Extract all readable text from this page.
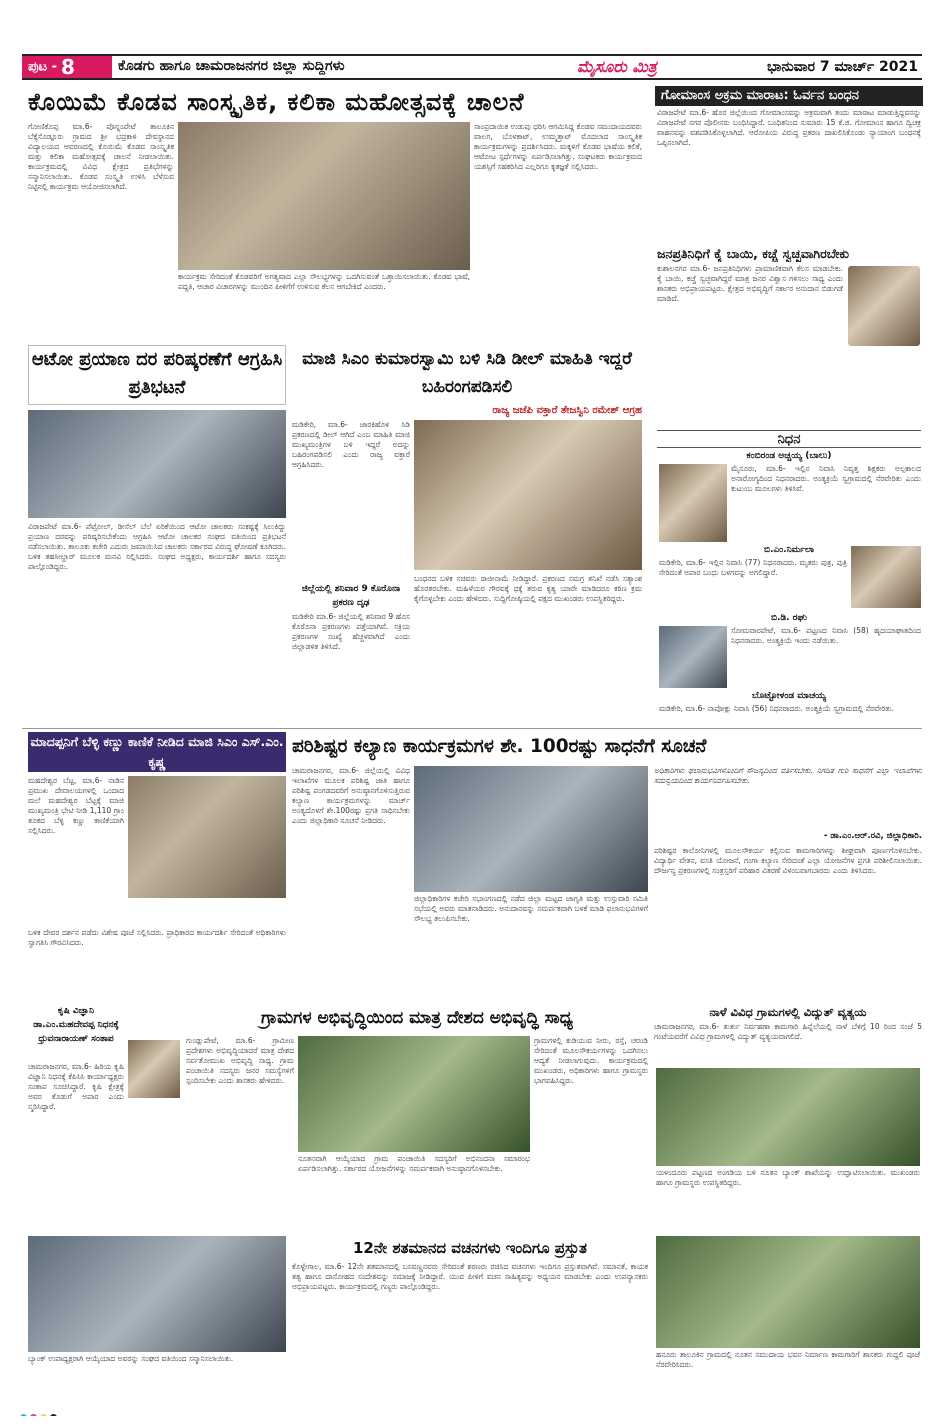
ಪುಟ - 8	ಕೊಡಗು ಹಾಗೂ ಚಾಮರಾಜನಗರ ಜಿಲ್ಲಾ ಸುದ್ದಿಗಳು	ಮೈಸೂರು ಮಿತ್ರ	ಭಾನುವಾರ 7 ಮಾರ್ಚ್ 2021
ಕೊಯಿಮೆ ಕೊಡವ ಸಾಂಸ್ಕೃತಿಕ, ಕಲಿಕಾ ಮಹೋತ್ಸವಕ್ಕೆ ಚಾಲನೆ
ಗೋಣಿಕೊಪ್ಪ ಮಾ.6- ಪೊನ್ನಂಪೇಟೆ ತಾಲೂಕಿನ ಬೆಕ್ಕೆಸೊಡ್ಲೂರು ಗ್ರಾಮದ ಶ್ರೀ ಭದ್ರಕಾಳಿ ದೇವಸ್ಥಾನದ ವಿದ್ಯಾಲಯದ ಆವರಣದಲ್ಲಿ ಕೊಯಿಮೆ ಕೊಡವ ಸಾಂಸ್ಕೃತಿಕ ಮತ್ತು ಕಲಿಕಾ ಮಹೋತ್ಸವಕ್ಕೆ ಚಾಲನೆ ನೀಡಲಾಯಿತು. ಕಾರ್ಯಕ್ರಮದಲ್ಲಿ ವಿವಿಧ ಕ್ಷೇತ್ರದ ಪ್ರತಿಭೆಗಳನ್ನು ಸನ್ಮಾನಿಸಲಾಯಿತು. ಕೊಡವ ಸಂಸ್ಕೃತಿ ಉಳಿಸಿ ಬೆಳೆಸುವ ನಿಟ್ಟಿನಲ್ಲಿ ಕಾರ್ಯಕ್ರಮ ಆಯೋಜಿಸಲಾಗಿದೆ.
ಕಾರ್ಯಕ್ರಮ ಸೇರಿದಂತೆ ಕೊಡವರಿಗೆ ಅಗತ್ಯವಾದ ಎಲ್ಲಾ ಸೌಲಭ್ಯಗಳನ್ನು ಒದಗಿಸುವಂತೆ ಒತ್ತಾಯಿಸಲಾಯಿತು. ಕೊಡವ ಭಾಷೆ, ಪದ್ದತಿ, ಆಚಾರ ವಿಚಾರಗಳನ್ನು ಮುಂದಿನ ಪೀಳಿಗೆಗೆ ಉಳಿಸುವ ಕೆಲಸ ಆಗಬೇಕಿದೆ ಎಂದರು.
ಸಾಂಪ್ರದಾಯಿಕ ಉಡುಪು ಧರಿಸಿ ಆಗಮಿಸಿದ್ದ ಕೊಡವ ಸಮುದಾಯದವರು ವಾಲಗ, ಬೊಳಕಾಟ್, ಉಮ್ಮತ್ತಾಟ್ ಮೊದಲಾದ ಸಾಂಸ್ಕೃತಿಕ ಕಾರ್ಯಕ್ರಮಗಳನ್ನು ಪ್ರದರ್ಶಿಸಿದರು. ಮಕ್ಕಳಿಗೆ ಕೊಡವ ಭಾಷೆಯ ಕಲಿಕೆ, ಆಟೋಟ ಸ್ಪರ್ಧೆಗಳನ್ನು ಏರ್ಪಡಿಸಲಾಗಿತ್ತು. ಸಂಘಟಕರು ಕಾರ್ಯಕ್ರಮದ ಯಶಸ್ಸಿಗೆ ಸಹಕರಿಸಿದ ಎಲ್ಲರಿಗೂ ಕೃತಜ್ಞತೆ ಸಲ್ಲಿಸಿದರು.
ಗೋಮಾಂಸ ಅಕ್ರಮ ಮಾರಾಟ: ಓರ್ವನ ಬಂಧನ
ವಿರಾಜಪೇಟೆ ಮಾ.6- ಹೊರ ಜಿಲ್ಲೆಯಿಂದ ಗೋಮಾಂಸವನ್ನು ಅಕ್ರಮವಾಗಿ ತಂದು ಮಾರಾಟ ಮಾಡುತ್ತಿದ್ದವನನ್ನು ವಿರಾಜಪೇಟೆ ನಗರ ಪೊಲೀಸರು ಬಂಧಿಸಿದ್ದಾರೆ. ಬಂಧಿತನಿಂದ ಸುಮಾರು 15 ಕೆ.ಜಿ. ಗೋಮಾಂಸ ಹಾಗೂ ದ್ವಿಚಕ್ರ ವಾಹನವನ್ನು ವಶಪಡಿಸಿಕೊಳ್ಳಲಾಗಿದೆ. ಆರೋಪಿಯ ವಿರುದ್ಧ ಪ್ರಕರಣ ದಾಖಲಿಸಿಕೊಂಡು ನ್ಯಾಯಾಂಗ ಬಂಧನಕ್ಕೆ ಒಪ್ಪಿಸಲಾಗಿದೆ.
ಜನಪ್ರತಿನಿಧಿಗೆ ಕೈ ಬಾಯಿ, ಕಚ್ಚೆ ಸ್ವಚ್ಛವಾಗಿರಬೇಕು
ಕುಶಾಲನಗರ ಮಾ.6- ಜನಪ್ರತಿನಿಧಿಗಳು ಪ್ರಾಮಾಣಿಕವಾಗಿ ಕೆಲಸ ಮಾಡಬೇಕು. ಕೈ ಬಾಯಿ, ಕಚ್ಚೆ ಸ್ವಚ್ಛವಾಗಿದ್ದರೆ ಮಾತ್ರ ಜನರ ವಿಶ್ವಾಸ ಗಳಿಸಲು ಸಾಧ್ಯ ಎಂದು ಶಾಸಕರು ಅಭಿಪ್ರಾಯಪಟ್ಟರು. ಕ್ಷೇತ್ರದ ಅಭಿವೃದ್ಧಿಗೆ ಸರ್ಕಾರ ಅನುದಾನ ಬಿಡುಗಡೆ ಮಾಡಿದೆ.
ಆಟೋ ಪ್ರಯಾಣ ದರ ಪರಿಷ್ಕರಣೆಗೆ ಆಗ್ರಹಿಸಿ ಪ್ರತಿಭಟನೆ
ವಿರಾಜಪೇಟೆ ಮಾ.6- ಪೆಟ್ರೋಲ್, ಡೀಸೆಲ್ ಬೆಲೆ ಏರಿಕೆಯಿಂದ ಆಟೋ ಚಾಲಕರು ಸಂಕಷ್ಟಕ್ಕೆ ಸಿಲುಕಿದ್ದು ಪ್ರಯಾಣ ದರವನ್ನು ಪರಿಷ್ಕರಿಸಬೇಕೆಂದು ಆಗ್ರಹಿಸಿ ಆಟೋ ಚಾಲಕರ ಸಂಘದ ವತಿಯಿಂದ ಪ್ರತಿಭಟನೆ ನಡೆಸಲಾಯಿತು. ತಾಲೂಕು ಕಚೇರಿ ಎದುರು ಜಮಾಯಿಸಿದ ಚಾಲಕರು ಸರ್ಕಾರದ ವಿರುದ್ಧ ಘೋಷಣೆ ಕೂಗಿದರು. ಬಳಿಕ ತಹಸೀಲ್ದಾರ್ ಮೂಲಕ ಮನವಿ ಸಲ್ಲಿಸಿದರು. ಸಂಘದ ಅಧ್ಯಕ್ಷರು, ಕಾರ್ಯದರ್ಶಿ ಹಾಗೂ ಸದಸ್ಯರು ಪಾಲ್ಗೊಂಡಿದ್ದರು.
ಮಾಜಿ ಸಿಎಂ ಕುಮಾರಸ್ವಾಮಿ ಬಳಿ ಸಿಡಿ ಡೀಲ್ ಮಾಹಿತಿ ಇದ್ದರೆ ಬಹಿರಂಗಪಡಿಸಲಿ
ರಾಜ್ಯ ಜಜೆಪಿ ವಕ್ತಾರೆ ತೇಜಸ್ವಿನಿ ರಮೇಶ್ ಆಗ್ರಹ
ಮಡಿಕೇರಿ, ಮಾ.6- ಜಾರಕಿಹೊಳಿ ಸಿಡಿ ಪ್ರಕರಣದಲ್ಲಿ ಡೀಲ್ ಆಗಿದೆ ಎಂಬ ಮಾಹಿತಿ ಮಾಜಿ ಮುಖ್ಯಮಂತ್ರಿಗಳ ಬಳಿ ಇದ್ದರೆ ಅದನ್ನು ಬಹಿರಂಗಪಡಿಸಲಿ ಎಂದು ರಾಜ್ಯ ವಕ್ತಾರೆ ಆಗ್ರಹಿಸಿದರು.
ಜಿಲ್ಲೆಯಲ್ಲಿ ಶನಿವಾರ 9 ಕೊರೊನಾ ಪ್ರಕರಣ ದೃಢ
ಮಡಿಕೇರಿ ಮಾ.6- ಜಿಲ್ಲೆಯಲ್ಲಿ ಶನಿವಾರ 9 ಹೊಸ ಕೊರೊನಾ ಪ್ರಕರಣಗಳು ಪತ್ತೆಯಾಗಿವೆ. ಸಕ್ರಿಯ ಪ್ರಕರಣಗಳ ಸಂಖ್ಯೆ ಹೆಚ್ಚಳವಾಗಿದೆ ಎಂದು ಜಿಲ್ಲಾಡಳಿತ ತಿಳಿಸಿದೆ.
ಬಂಧನದ ಬಳಿಕ ಸಚಿವರು ರಾಜೀನಾಮೆ ನೀಡಿದ್ದಾರೆ. ಪ್ರಕರಣದ ಸಮಗ್ರ ತನಿಖೆ ನಡೆಸಿ ಸತ್ಯಾಂಶ ಹೊರತರಬೇಕು. ಮಹಿಳೆಯರ ಗೌರವಕ್ಕೆ ಧಕ್ಕೆ ತರುವ ಕೃತ್ಯ ಯಾರೇ ಮಾಡಿದರೂ ಕಠಿಣ ಕ್ರಮ ಕೈಗೊಳ್ಳಬೇಕು ಎಂದು ಹೇಳಿದರು. ಸುದ್ದಿಗೋಷ್ಠಿಯಲ್ಲಿ ಪಕ್ಷದ ಮುಖಂಡರು ಉಪಸ್ಥಿತರಿದ್ದರು.
ನಿಧನ
ಕಂಬಿರಂಡ ಅಚ್ಚಯ್ಯ (ಬಾಲು)
ಮೈಸೂರು, ಮಾ.6- ಇಲ್ಲಿನ ನಿವಾಸಿ ನಿವೃತ್ತ ಶಿಕ್ಷಕರು ಅಲ್ಪಕಾಲದ ಅನಾರೋಗ್ಯದಿಂದ ನಿಧನರಾದರು. ಅಂತ್ಯಕ್ರಿಯೆ ಸ್ವಗ್ರಾಮದಲ್ಲಿ ನೆರವೇರಿತು ಎಂದು ಕುಟುಂಬ ಮೂಲಗಳು ತಿಳಿಸಿವೆ.
ಬಿ.ಎಂ.ನಿರ್ಮಲಾ
ಮಡಿಕೇರಿ, ಮಾ.6- ಇಲ್ಲಿನ ನಿವಾಸಿ (77) ನಿಧನರಾದರು. ಮೃತರು ಪುತ್ರ, ಪುತ್ರಿ ಸೇರಿದಂತೆ ಅಪಾರ ಬಂಧು ಬಳಗವನ್ನು ಅಗಲಿದ್ದಾರೆ.
ಬಿ.ಡಿ. ರಘು
ಸೋಮವಾರಪೇಟೆ, ಮಾ.6- ಪಟ್ಟಣದ ನಿವಾಸಿ (58) ಹೃದಯಾಘಾತದಿಂದ ನಿಧನರಾದರು. ಅಂತ್ಯಕ್ರಿಯೆ ಇಂದು ನಡೆಯಿತು.
ಬೊಟ್ಟೋಳಂಡ ಮಾಚಯ್ಯ
ಮಡಿಕೇರಿ, ಮಾ.6- ನಾಪೋಕ್ಲು ನಿವಾಸಿ (56) ನಿಧನರಾದರು. ಅಂತ್ಯಕ್ರಿಯೆ ಸ್ವಗ್ರಾಮದಲ್ಲಿ ನೆರವೇರಿತು.
ಮಾದಪ್ಪನಿಗೆ ಬೆಳ್ಳಿ ಕಣ್ಣು ಕಾಣಿಕೆ ನೀಡಿದ ಮಾಜಿ ಸಿಎಂ ಎಸ್.ಎಂ. ಕೃಷ್ಣ
ಮಹದೇಶ್ವರ ಬೆಟ್ಟ, ಮಾ.6- ನಾಡಿನ ಪ್ರಮುಖ ದೇವಾಲಯಗಳಲ್ಲಿ ಒಂದಾದ ಮಲೆ ಮಹದೇಶ್ವರ ಬೆಟ್ಟಕ್ಕೆ ಮಾಜಿ ಮುಖ್ಯಮಂತ್ರಿ ಭೇಟಿ ನೀಡಿ 1,110 ಗ್ರಾಂ ತೂಕದ ಬೆಳ್ಳಿ ಕಣ್ಣು ಕಾಣಿಕೆಯಾಗಿ ಸಲ್ಲಿಸಿದರು.
ಬಳಿಕ ದೇವರ ದರ್ಶನ ಪಡೆದು ವಿಶೇಷ ಪೂಜೆ ಸಲ್ಲಿಸಿದರು. ಪ್ರಾಧಿಕಾರದ ಕಾರ್ಯದರ್ಶಿ ಸೇರಿದಂತೆ ಅಧಿಕಾರಿಗಳು ಸ್ವಾಗತಿಸಿ ಗೌರವಿಸಿದರು.
ಪರಿಶಿಷ್ಟರ ಕಲ್ಯಾಣ ಕಾರ್ಯಕ್ರಮಗಳ ಶೇ. 100ರಷ್ಟು ಸಾಧನೆಗೆ ಸೂಚನೆ
ಚಾಮರಾಜನಗರ, ಮಾ.6- ಜಿಲ್ಲೆಯಲ್ಲಿ ವಿವಿಧ ಇಲಾಖೆಗಳ ಮೂಲಕ ಪರಿಶಿಷ್ಟ ಜಾತಿ ಹಾಗೂ ಪರಿಶಿಷ್ಟ ಪಂಗಡದವರಿಗೆ ಅನುಷ್ಠಾನಗೊಳಿಸುತ್ತಿರುವ ಕಲ್ಯಾಣ ಕಾರ್ಯಕ್ರಮಗಳನ್ನು ಮಾರ್ಚ್ ಅಂತ್ಯದೊಳಗೆ ಶೇ.100ರಷ್ಟು ಪ್ರಗತಿ ಸಾಧಿಸಬೇಕು ಎಂದು ಜಿಲ್ಲಾಧಿಕಾರಿ ಸೂಚನೆ ನೀಡಿದರು.
ಜಿಲ್ಲಾಧಿಕಾರಿಗಳ ಕಚೇರಿ ಸಭಾಂಗಣದಲ್ಲಿ ನಡೆದ ಜಿಲ್ಲಾ ಮಟ್ಟದ ಜಾಗೃತಿ ಮತ್ತು ಉಸ್ತುವಾರಿ ಸಮಿತಿ ಸಭೆಯಲ್ಲಿ ಅವರು ಮಾತನಾಡಿದರು. ಅನುದಾನವನ್ನು ಸಮರ್ಪಕವಾಗಿ ಬಳಕೆ ಮಾಡಿ ಫಲಾನುಭವಿಗಳಿಗೆ ಸೌಲಭ್ಯ ತಲುಪಿಸಬೇಕು.
ಅಧಿಕಾರಿಗಳು ಫಲಾನುಭವಿಗಳೊಂದಿಗೆ ಸೌಜನ್ಯದಿಂದ ವರ್ತಿಸಬೇಕು. ನಿಗದಿತ ಗುರಿ ಸಾಧನೆಗೆ ಎಲ್ಲಾ ಇಲಾಖೆಗಳು ಸಮನ್ವಯದಿಂದ ಕಾರ್ಯನಿರ್ವಹಿಸಬೇಕು.
- ಡಾ.ಎಂ.ಆರ್.ರವಿ, ಜಿಲ್ಲಾಧಿಕಾರಿ.
ಪರಿಶಿಷ್ಟರ ಕಾಲೋನಿಗಳಲ್ಲಿ ಮೂಲಸೌಕರ್ಯ ಕಲ್ಪಿಸುವ ಕಾಮಗಾರಿಗಳನ್ನು ಶೀಘ್ರವಾಗಿ ಪೂರ್ಣಗೊಳಿಸಬೇಕು. ವಿದ್ಯಾರ್ಥಿ ವೇತನ, ವಸತಿ ಯೋಜನೆ, ಗಂಗಾ ಕಲ್ಯಾಣ ಸೇರಿದಂತೆ ಎಲ್ಲಾ ಯೋಜನೆಗಳ ಪ್ರಗತಿ ಪರಿಶೀಲಿಸಲಾಯಿತು. ದೌರ್ಜನ್ಯ ಪ್ರಕರಣಗಳಲ್ಲಿ ಸಂತ್ರಸ್ತರಿಗೆ ಪರಿಹಾರ ವಿತರಣೆ ವಿಳಂಬವಾಗಬಾರದು ಎಂದು ತಿಳಿಸಿದರು.
ಕೃಷಿ ವಿಜ್ಞಾನಿ ಡಾ.ಎಂ.ಮಹದೇವಪ್ಪ ನಿಧನಕ್ಕೆ ಧ್ರುವನಾರಾಯಣ್ ಸಂತಾಪ
ಚಾಮರಾಜನಗರ, ಮಾ.6- ಹಿರಿಯ ಕೃಷಿ ವಿಜ್ಞಾನಿ ನಿಧನಕ್ಕೆ ಕೆಪಿಸಿಸಿ ಕಾರ್ಯಾಧ್ಯಕ್ಷರು ಸಂತಾಪ ಸೂಚಿಸಿದ್ದಾರೆ. ಕೃಷಿ ಕ್ಷೇತ್ರಕ್ಕೆ ಅವರ ಕೊಡುಗೆ ಅಪಾರ ಎಂದು ಸ್ಮರಿಸಿದ್ದಾರೆ.
ಗ್ರಾಮಗಳ ಅಭಿವೃದ್ಧಿಯಿಂದ ಮಾತ್ರ ದೇಶದ ಅಭಿವೃದ್ಧಿ ಸಾಧ್ಯ
ಗುಂಡ್ಲುಪೇಟೆ, ಮಾ.6- ಗ್ರಾಮೀಣ ಪ್ರದೇಶಗಳು ಅಭಿವೃದ್ಧಿಯಾದರೆ ಮಾತ್ರ ದೇಶದ ಸರ್ವತೋಮುಖ ಅಭಿವೃದ್ಧಿ ಸಾಧ್ಯ. ಗ್ರಾಮ ಪಂಚಾಯಿತಿ ಸದಸ್ಯರು ಜನರ ಸಮಸ್ಯೆಗಳಿಗೆ ಸ್ಪಂದಿಸಬೇಕು ಎಂದು ಶಾಸಕರು ಹೇಳಿದರು.
ನೂತನವಾಗಿ ಆಯ್ಕೆಯಾದ ಗ್ರಾಮ ಪಂಚಾಯಿತಿ ಸದಸ್ಯರಿಗೆ ಅಭಿನಂದನಾ ಸಮಾರಂಭ ಏರ್ಪಡಿಸಲಾಗಿತ್ತು. ಸರ್ಕಾರದ ಯೋಜನೆಗಳನ್ನು ಸಮರ್ಪಕವಾಗಿ ಅನುಷ್ಠಾನಗೊಳಿಸಬೇಕು.
ಗ್ರಾಮಗಳಲ್ಲಿ ಕುಡಿಯುವ ನೀರು, ರಸ್ತೆ, ಚರಂಡಿ ಸೇರಿದಂತೆ ಮೂಲಸೌಕರ್ಯಗಳನ್ನು ಒದಗಿಸಲು ಆದ್ಯತೆ ನೀಡಲಾಗುವುದು. ಕಾರ್ಯಕ್ರಮದಲ್ಲಿ ಮುಖಂಡರು, ಅಧಿಕಾರಿಗಳು ಹಾಗೂ ಗ್ರಾಮಸ್ಥರು ಭಾಗವಹಿಸಿದ್ದರು.
ನಾಳೆ ವಿವಿಧ ಗ್ರಾಮಗಳಲ್ಲಿ ವಿದ್ಯುತ್ ವ್ಯತ್ಯಯ
ಚಾಮರಾಜನಗರ, ಮಾ.6- ತುರ್ತು ನಿರ್ವಹಣಾ ಕಾಮಗಾರಿ ಹಿನ್ನೆಲೆಯಲ್ಲಿ ನಾಳೆ ಬೆಳಿಗ್ಗೆ 10 ರಿಂದ ಸಂಜೆ 5 ಗಂಟೆಯವರೆಗೆ ವಿವಿಧ ಗ್ರಾಮಗಳಲ್ಲಿ ವಿದ್ಯುತ್ ವ್ಯತ್ಯಯವಾಗಲಿದೆ.
ಯಳಂದೂರು ಪಟ್ಟಣದ ಅಂಗಡಿಯ ಬಳಿ ನೂತನ ಬ್ಯಾಂಕ್ ಶಾಖೆಯನ್ನು ಉದ್ಘಾಟಿಸಲಾಯಿತು. ಮುಖಂಡರು ಹಾಗೂ ಗ್ರಾಮಸ್ಥರು ಉಪಸ್ಥಿತರಿದ್ದರು.
ಬ್ಯಾಂಕ್ ಉಪಾಧ್ಯಕ್ಷರಾಗಿ ಆಯ್ಕೆಯಾದ ಅವರನ್ನು ಸಂಘದ ವತಿಯಿಂದ ಸನ್ಮಾನಿಸಲಾಯಿತು.
12ನೇ ಶತಮಾನದ ವಚನಗಳು ಇಂದಿಗೂ ಪ್ರಸ್ತುತ
ಕೊಳ್ಳೇಗಾಲ, ಮಾ.6- 12ನೇ ಶತಮಾನದಲ್ಲಿ ಬಸವಣ್ಣನವರು ಸೇರಿದಂತೆ ಶರಣರು ರಚಿಸಿದ ವಚನಗಳು ಇಂದಿಗೂ ಪ್ರಸ್ತುತವಾಗಿವೆ. ಸಮಾನತೆ, ಕಾಯಕ ತತ್ವ ಹಾಗೂ ದಾಸೋಹದ ಸಂದೇಶವನ್ನು ಸಮಾಜಕ್ಕೆ ನೀಡಿದ್ದಾರೆ. ಯುವ ಪೀಳಿಗೆ ವಚನ ಸಾಹಿತ್ಯವನ್ನು ಅಧ್ಯಯನ ಮಾಡಬೇಕು ಎಂದು ಉಪನ್ಯಾಸಕರು ಅಭಿಪ್ರಾಯಪಟ್ಟರು. ಕಾರ್ಯಕ್ರಮದಲ್ಲಿ ಗಣ್ಯರು ಪಾಲ್ಗೊಂಡಿದ್ದರು.
ಹನೂರು ತಾಲೂಕಿನ ಗ್ರಾಮದಲ್ಲಿ ನೂತನ ಸಮುದಾಯ ಭವನ ನಿರ್ಮಾಣ ಕಾಮಗಾರಿಗೆ ಶಾಸಕರು ಗುದ್ದಲಿ ಪೂಜೆ ನೆರವೇರಿಸಿದರು.
